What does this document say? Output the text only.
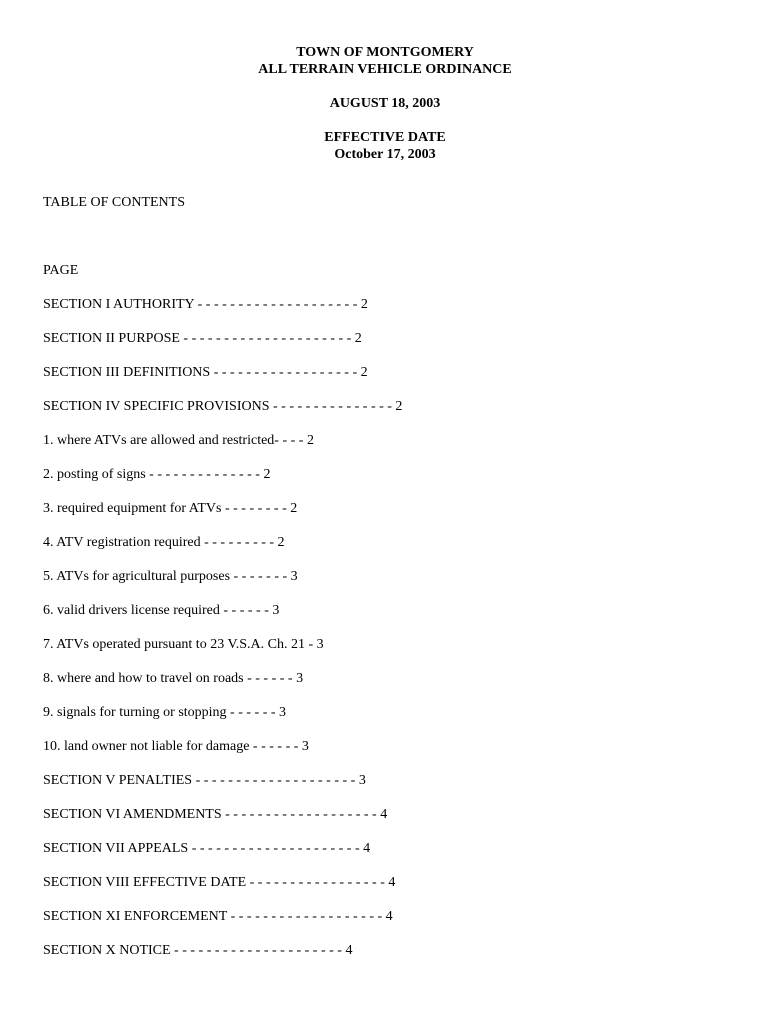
TOWN OF MONTGOMERY
ALL TERRAIN VEHICLE ORDINANCE
AUGUST 18, 2003
EFFECTIVE DATE
October 17, 2003
TABLE OF CONTENTS
PAGE
SECTION I AUTHORITY - - - - - - - - - - - - - - - - - - - - 2
SECTION II PURPOSE - - - - - - - - - - - - - - - - - - - - - 2
SECTION III DEFINITIONS - - - - - - - - - - - - - - - - - - 2
SECTION IV SPECIFIC PROVISIONS - - - - - - - - - - - - - - - 2
1. where ATVs are allowed and restricted- - - - 2
2. posting of signs - - - - - - - - - - - - - - 2
3. required equipment for ATVs - - - - - - - - 2
4. ATV registration required - - - - - - - - - 2
5. ATVs for agricultural purposes - - - - - - - 3
6. valid drivers license required - - - - - - 3
7. ATVs operated pursuant to 23 V.S.A. Ch. 21 - 3
8. where and how to travel on roads - - - - - - 3
9. signals for turning or stopping - - - - - - 3
10. land owner not liable for damage - - - - - - 3
SECTION V PENALTIES - - - - - - - - - - - - - - - - - - - - 3
SECTION VI AMENDMENTS - - - - - - - - - - - - - - - - - - - 4
SECTION VII APPEALS - - - - - - - - - - - - - - - - - - - - - 4
SECTION VIII EFFECTIVE DATE - - - - - - - - - - - - - - - - - 4
SECTION XI ENFORCEMENT - - - - - - - - - - - - - - - - - - - 4
SECTION X NOTICE - - - - - - - - - - - - - - - - - - - - - 4
